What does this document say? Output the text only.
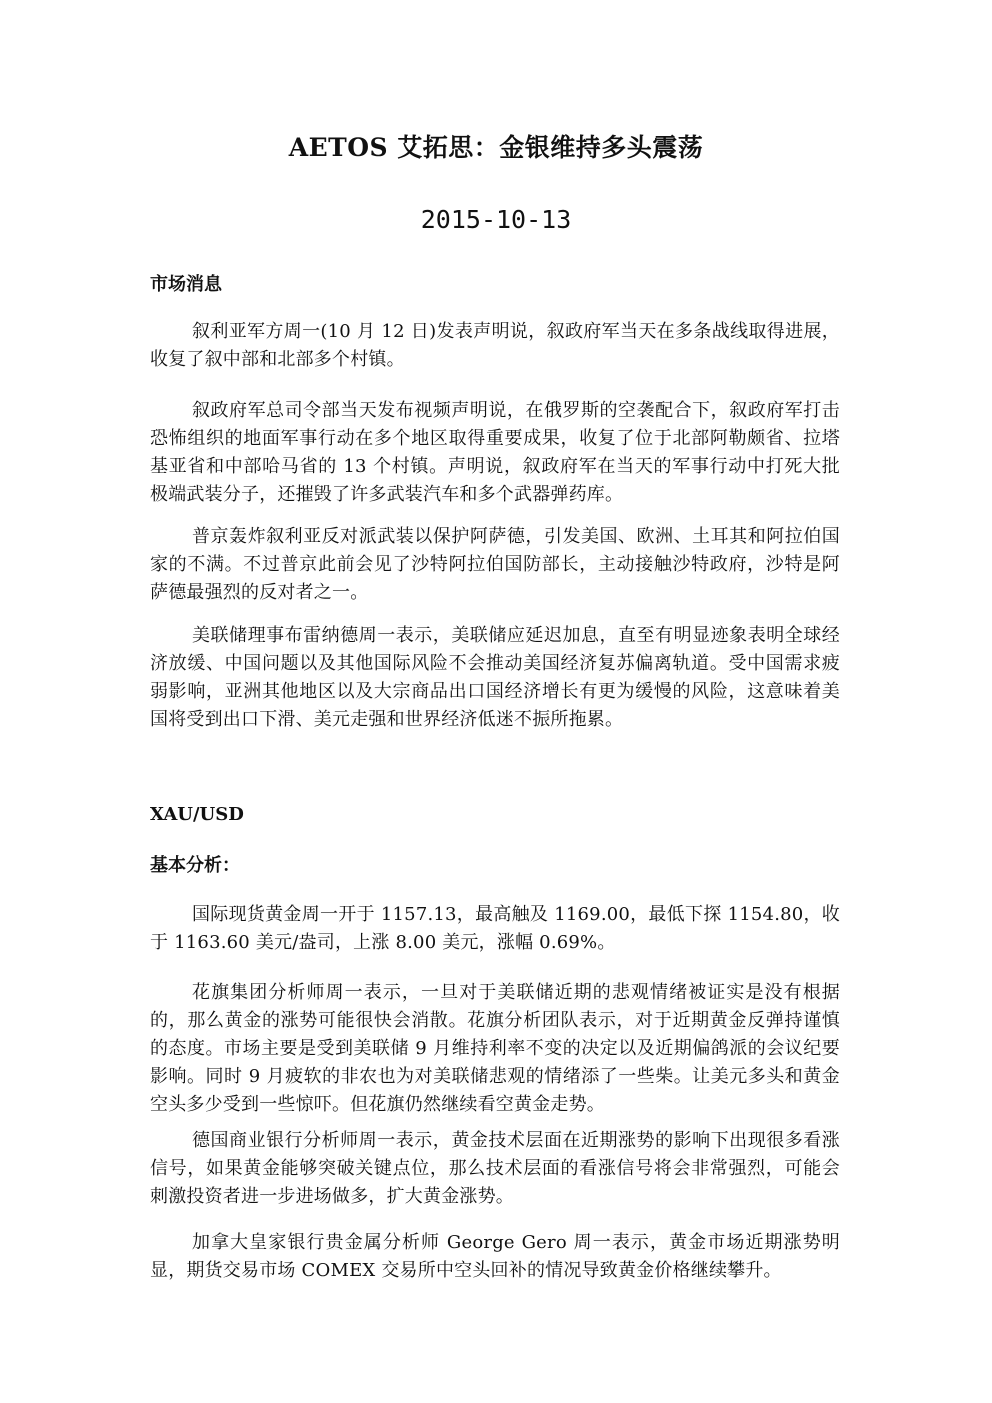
AETOS 艾拓思：金银维持多头震荡
2015-10-13
市场消息

叙利亚军方周一(10 月 12 日)发表声明说，叙政府军当天在多条战线取得进展，收复了叙中部和北部多个村镇。

叙政府军总司令部当天发布视频声明说，在俄罗斯的空袭配合下，叙政府军打击恐怖组织的地面军事行动在多个地区取得重要成果，收复了位于北部阿勒颇省、拉塔基亚省和中部哈马省的 13 个村镇。声明说，叙政府军在当天的军事行动中打死大批极端武装分子，还摧毁了许多武装汽车和多个武器弹药库。

普京轰炸叙利亚反对派武装以保护阿萨德，引发美国、欧洲、土耳其和阿拉伯国家的不满。不过普京此前会见了沙特阿拉伯国防部长，主动接触沙特政府，沙特是阿萨德最强烈的反对者之一。

美联储理事布雷纳德周一表示，美联储应延迟加息，直至有明显迹象表明全球经济放缓、中国问题以及其他国际风险不会推动美国经济复苏偏离轨道。受中国需求疲弱影响，亚洲其他地区以及大宗商品出口国经济增长有更为缓慢的风险，这意味着美国将受到出口下滑、美元走强和世界经济低迷不振所拖累。

XAU/USD
基本分析：

国际现货黄金周一开于 1157.13，最高触及 1169.00，最低下探 1154.80，收于 1163.60 美元/盎司，上涨 8.00 美元，涨幅 0.69%。

花旗集团分析师周一表示，一旦对于美联储近期的悲观情绪被证实是没有根据的，那么黄金的涨势可能很快会消散。花旗分析团队表示，对于近期黄金反弹持谨慎的态度。市场主要是受到美联储 9 月维持利率不变的决定以及近期偏鸽派的会议纪要影响。同时 9 月疲软的非农也为对美联储悲观的情绪添了一些柴。让美元多头和黄金空头多少受到一些惊吓。但花旗仍然继续看空黄金走势。

德国商业银行分析师周一表示，黄金技术层面在近期涨势的影响下出现很多看涨信号，如果黄金能够突破关键点位，那么技术层面的看涨信号将会非常强烈，可能会刺激投资者进一步进场做多，扩大黄金涨势。

加拿大皇家银行贵金属分析师 George Gero 周一表示，黄金市场近期涨势明显，期货交易市场 COMEX 交易所中空头回补的情况导致黄金价格继续攀升。
